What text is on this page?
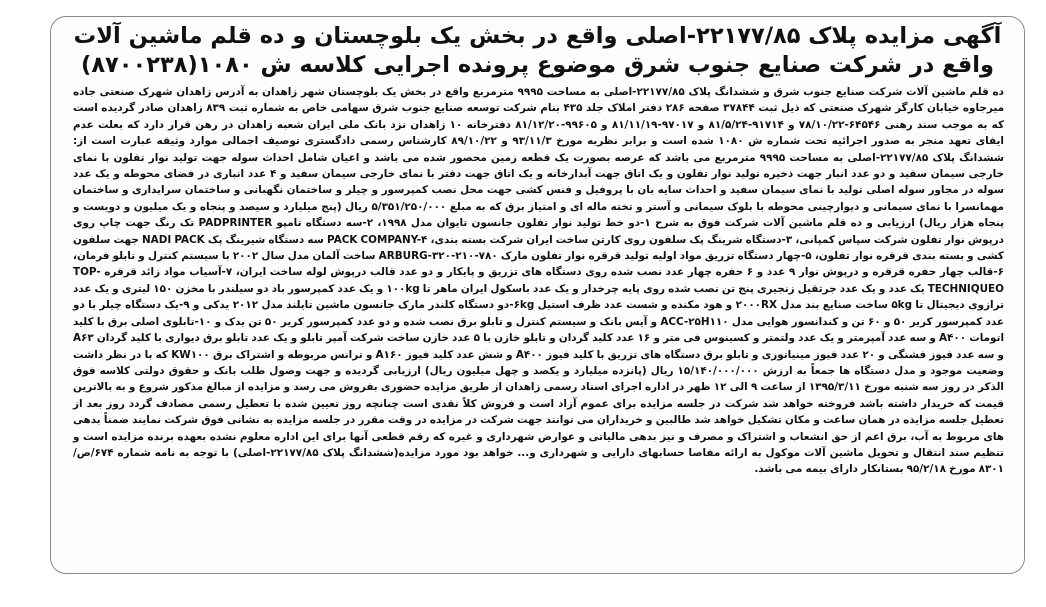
آگهی مزایده پلاک ۲۲۱۷۷/۸۵-اصلی واقع در بخش یک بلوچستان و ده قلم ماشین آلات
واقع در شرکت صنایع جنوب شرق موضوع پرونده اجرایی کلاسه ش ۱۰۸۰(۸۷۰۰۲۳۸)

ده قلم ماشین آلات شرکت صنایع جنوب شرق و ششدانگ پلاک ۲۲۱۷۷/۸۵-اصلی به مساحت ۹۹۹۵ مترمربع واقع در بخش یک بلوچستان شهر زاهدان به آدرس زاهدان شهرک صنعتی جاده میرجاوه خیابان کارگر شهرک صنعتی که ذیل ثبت ۳۷۸۴۴ صفحه ۲۸۶ دفتر املاک جلد ۴۳۵ بنام شرکت توسعه صنایع جنوب شرق سهامی خاص به شماره ثبت ۸۳۹ زاهدان صادر گردیده است که به موجب سند رهنی ۶۴۵۴۶-۷۸/۱۰/۲۲ و ۹۱۷۱۴-۸۱/۵/۲۴ و ۹۷۰۱۷-۸۱/۱۱/۱۹ و ۹۹۶۰۵-۸۱/۱۲/۲۰ دفترخانه ۱۰ زاهدان نزد بانک ملی ایران شعبه زاهدان در رهن قرار دارد که بعلت عدم ایفای تعهد منجر به صدور اجرائیه تحت شماره ش ۱۰۸۰ شده است و برابر نظریه مورخ ۹۳/۱۱/۳ و ۸۹/۱۰/۲۲ کارشناس رسمی دادگستری توصیف اجمالی موارد وثیقه عبارت است از: ششدانگ پلاک ۲۲۱۷۷/۸۵-اصلی به مساحت ۹۹۹۵ مترمربع می باشد که عرصه بصورت یک قطعه زمین محصور شده می باشد و اعیان شامل احداث سوله جهت تولید نوار تفلون با نمای خارجی سیمان سفید و دو عدد انبار جهت ذخیره تولید نوار تفلون و یک اتاق جهت آبدارخانه و یک اتاق جهت دفتر با نمای خارجی سیمان سفید و ۴ عدد انباری در فضای محوطه و یک عدد سوله در مجاور سوله اصلی تولید با نمای سیمان سفید و احداث سایه بان با پروفیل و فنس کشی جهت محل نصب کمپرسور و چیلر و ساختمان نگهبانی و ساختمان سرایداری و ساختمان مهمانسرا با نمای سیمانی و دیوارچینی محوطه با بلوک سیمانی و آستر و تخته ماله ای و امتیاز برق که به مبلغ ۵/۳۵۱/۲۵۰/۰۰۰ ریال (پنج میلیارد و سیصد و پنجاه و یک میلیون و دویست و پنجاه هزار ریال) ارزیابی و ده قلم ماشین آلات شرکت فوق به شرح ۱-دو خط تولید نوار تفلون جانسون تایوان مدل ۱۹۹۸، ۲-سه دستگاه تامپو PADPRINTER تک رنگ جهت چاپ روی درپوش نوار تفلون شرکت سپاس کمپانی، ۳-دستگاه شرینگ پک سلفون روی کارتن ساخت ایران شرکت بسته بندی، PACK COMPANY-۴ سه دستگاه شیرینگ پک NADI PACK جهت سلفون کشی و بسته بندی قرقره نوار تفلون، ۵-چهار دستگاه تزریق مواد اولیه تولید قرقره نوار تفلون مارک ۷۸۰-۲۱۰-۳۲۰-ARBURG ساخت آلمان مدل سال ۲۰۰۲ با سیستم کنترل و تابلو فرمان، ۶-قالب چهار حفره قرقره و درپوش نوار ۹ عدد و ۶ حفره چهار عدد نصب شده روی دستگاه های تزریق و پایکار و دو عدد قالب درپوش لوله ساخت ایران، ۷-آسیاب مواد زائد قرقره TOP-TECHNIQUEO یک عدد و یک عدد جرثقیل زنجیری پنج تن نصب شده روی پایه چرخدار و یک عدد باسکول ایران ماهر تا ۱۰۰kg و یک عدد کمپرسور باد دو سیلندر با مخزن ۱۵۰ لیتری و یک عدد ترازوی دیجیتال تا ۵kg ساخت صنایع بند مدل ۲۰۰۰RX و هود مکنده و شست عدد ظرف استیل ۶kg-دو دستگاه کلندر مارک جانسون ماشین تایلند مدل ۲۰۱۲ یدکی و ۹-یک دستگاه چیلر با دو عدد کمپرسور کریر ۵۰ و ۶۰ تن و کندانسور هوایی مدل ACC-۲۵H۱۱۰ و آیس بانک و سیستم کنترل و تابلو برق نصب شده و دو عدد کمپرسور کریر ۵۰ تن یدک و ۱۰-تابلوی اصلی برق با کلید اتومات A۴۰۰ و سه عدد آمپرمتر و یک عدد ولتمتر و کسینوس فی متر و ۱۶ عدد کلید گردان و تابلو خازن با ۵ عدد خازن ساخت شرکت آمپر تابلو و یک عدد تابلو برق دیواری با کلید گردان A۶۳ و سه عدد فیوز فشنگی و ۲۰ عدد فیوز مینیاتوری و تابلو برق دستگاه های تزریق با کلید فیوز A۴۰۰ و شش عدد کلید فیوز A۱۶۰ و ترانس مربوطه و اشتراک برق KW۱۰۰ که با در نظر داشت وضعیت موجود و مدل دستگاه ها جمعاً به ارزش ۱۵/۱۴۰/۰۰۰/۰۰۰ ریال (پانزده میلیارد و یکصد و چهل میلیون ریال) ارزیابی گردیده و جهت وصول طلب بانک و حقوق دولتی کلاسه فوق الذکر در روز سه شنبه مورخ ۱۳۹۵/۳/۱۱ از ساعت ۹ الی ۱۲ ظهر در اداره اجرای اسناد رسمی زاهدان از طریق مزایده حضوری بفروش می رسد و مزایده از مبالغ مذکور شروع و به بالاترین قیمت که خریدار داشته باشد فروخته خواهد شد شرکت در جلسه مزایده برای عموم آزاد است و فروش کلاً نقدی است چنانچه روز تعیین شده با تعطیل رسمی مصادف گردد روز بعد از تعطیل جلسه مزایده در همان ساعت و مکان تشکیل خواهد شد طالبین و خریداران می توانند جهت شرکت در مزایده در وقت مقرر در جلسه مزایده به نشانی فوق شرکت نمایند ضمناً بدهی های مربوط به آب، برق اعم از حق انشعاب و اشتراک و مصرف و نیز بدهی مالیاتی و عوارض شهرداری و غیره که رقم قطعی آنها برای این اداره معلوم نشده بعهده برنده مزایده است و تنظیم سند انتقال و تحویل ماشین آلات موکول به ارائه مفاصا حسابهای دارایی و شهرداری و... خواهد بود مورد مزایده(ششدانگ پلاک ۲۲۱۷۷/۸۵-اصلی) با توجه به نامه شماره ۶۷۴/ص/۸۳۰۱ مورخ ۹۵/۲/۱۸ بستانکار دارای بیمه می باشد.
